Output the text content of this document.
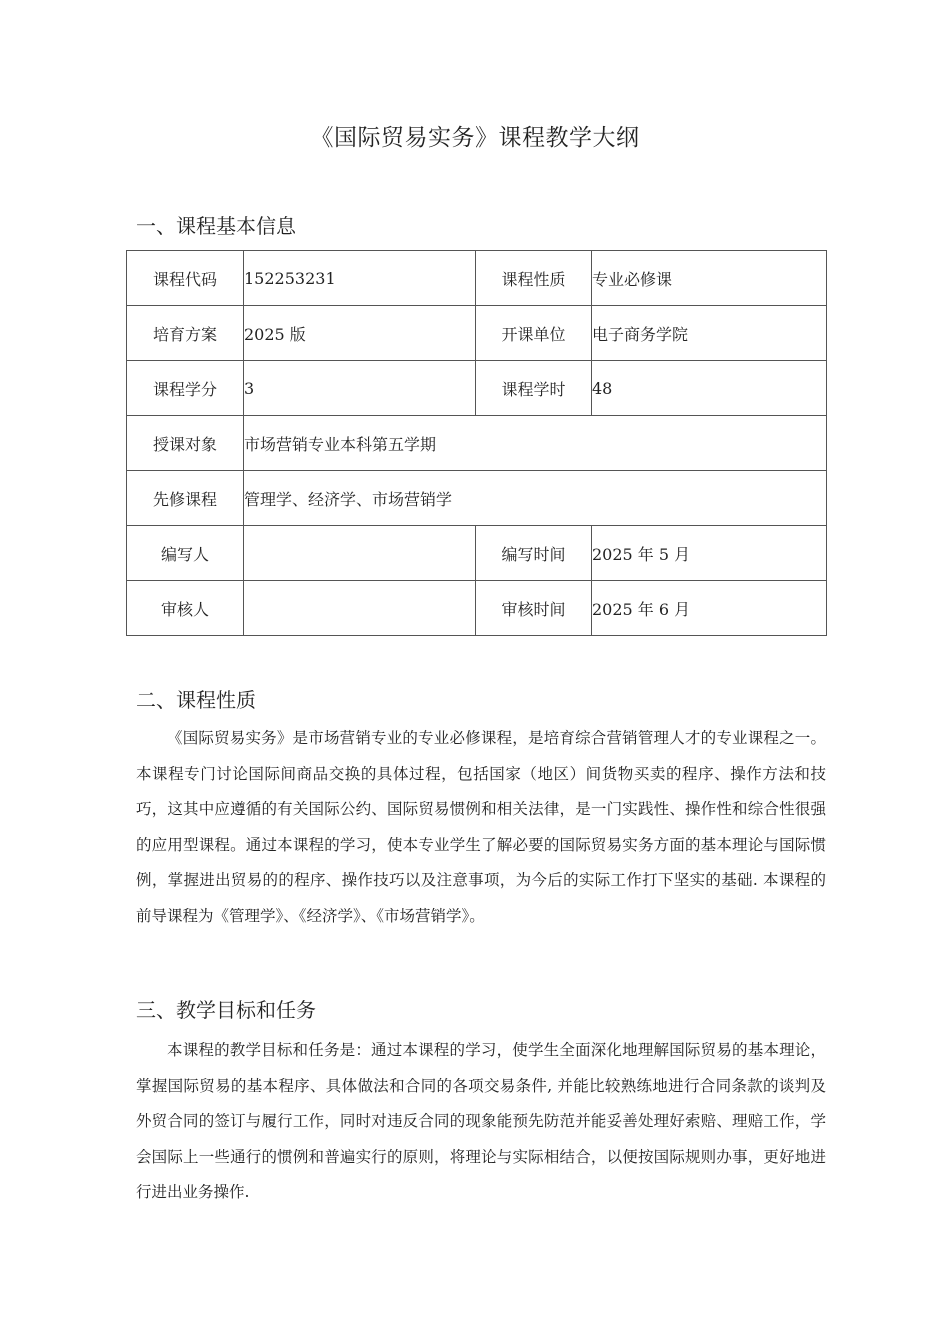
《国际贸易实务》课程教学大纲
一、课程基本信息
课程代码	152253231	课程性质	专业必修课
培育方案	2025 版	开课单位	电子商务学院
课程学分	3	课程学时	48
授课对象	市场营销专业本科第五学期		
先修课程	管理学、经济学、市场营销学		
编写人		编写时间	2025 年 5 月
审核人		审核时间	2025 年 6 月
二、课程性质
《国际贸易实务》是市场营销专业的专业必修课程，是培育综合营销管理人才的专业课程之一。本课程专门讨论国际间商品交换的具体过程，包括国家（地区）间货物买卖的程序、操作方法和技巧，这其中应遵循的有关国际公约、国际贸易惯例和相关法律，是一门实践性、操作性和综合性很强的应用型课程。通过本课程的学习，使本专业学生了解必要的国际贸易实务方面的基本理论与国际惯例，掌握进出贸易的的程序、操作技巧以及注意事项，为今后的实际工作打下坚实的基础. 本课程的前导课程为《管理学》、《经济学》、《市场营销学》。
三、教学目标和任务
本课程的教学目标和任务是：通过本课程的学习，使学生全面深化地理解国际贸易的基本理论，掌握国际贸易的基本程序、具体做法和合同的各项交易条件, 并能比较熟练地进行合同条款的谈判及外贸合同的签订与履行工作，同时对违反合同的现象能预先防范并能妥善处理好索赔、理赔工作，学会国际上一些通行的惯例和普遍实行的原则，将理论与实际相结合，以便按国际规则办事，更好地进行进出业务操作.
